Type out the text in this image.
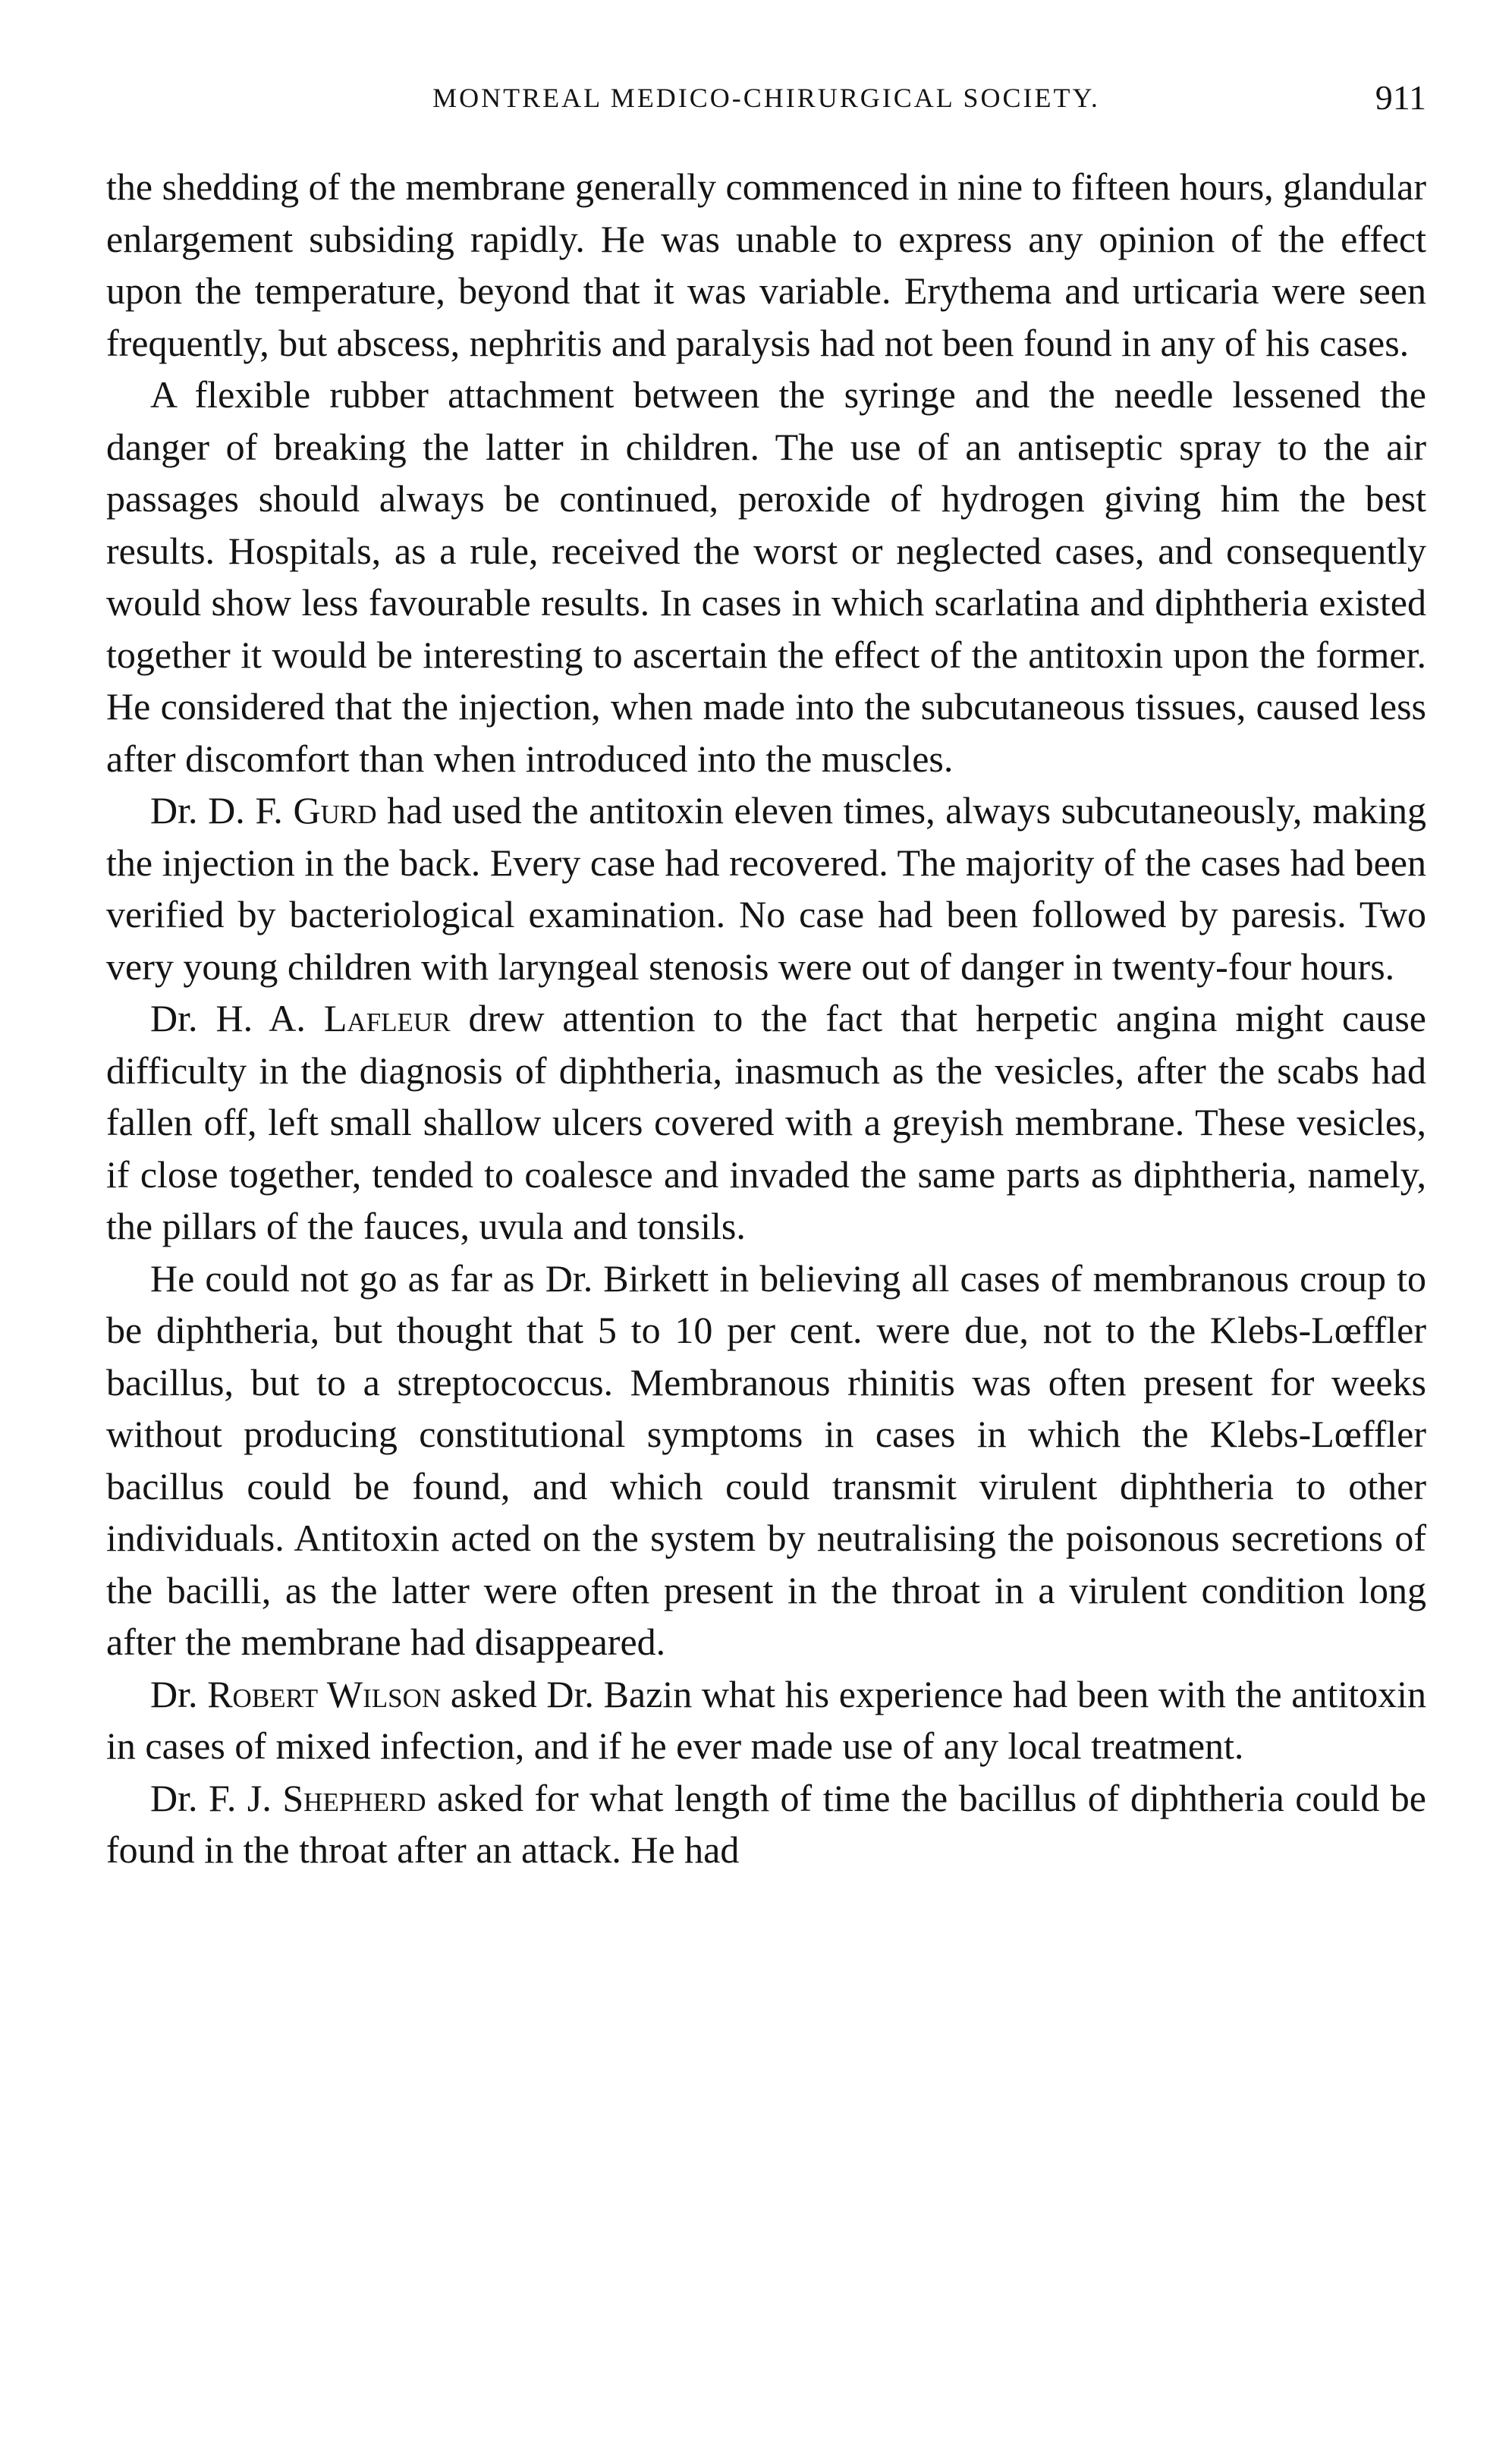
MONTREAL MEDICO-CHIRURGICAL SOCIETY.	911

the shedding of the membrane generally commenced in nine to fifteen hours, glandular enlargement subsiding rapidly. He was unable to express any opinion of the effect upon the temperature, beyond that it was variable. Erythema and urticaria were seen frequently, but abscess, nephritis and paralysis had not been found in any of his cases.

A flexible rubber attachment between the syringe and the needle lessened the danger of breaking the latter in children. The use of an antiseptic spray to the air passages should always be continued, peroxide of hydrogen giving him the best results. Hospitals, as a rule, received the worst or neglected cases, and consequently would show less favourable results. In cases in which scarlatina and diphtheria existed together it would be interesting to ascertain the effect of the antitoxin upon the former. He considered that the injection, when made into the subcutaneous tissues, caused less after discomfort than when introduced into the muscles.

Dr. D. F. Gurd had used the antitoxin eleven times, always subcutaneously, making the injection in the back. Every case had recovered. The majority of the cases had been verified by bacteriological examination. No case had been followed by paresis. Two very young children with laryngeal stenosis were out of danger in twenty-four hours.

Dr. H. A. Lafleur drew attention to the fact that herpetic angina might cause difficulty in the diagnosis of diphtheria, inasmuch as the vesicles, after the scabs had fallen off, left small shallow ulcers covered with a greyish membrane. These vesicles, if close together, tended to coalesce and invaded the same parts as diphtheria, namely, the pillars of the fauces, uvula and tonsils.

He could not go as far as Dr. Birkett in believing all cases of membranous croup to be diphtheria, but thought that 5 to 10 per cent. were due, not to the Klebs-Lœffler bacillus, but to a streptococcus. Membranous rhinitis was often present for weeks without producing constitutional symptoms in cases in which the Klebs-Lœffler bacillus could be found, and which could transmit virulent diphtheria to other individuals. Antitoxin acted on the system by neutralising the poisonous secretions of the bacilli, as the latter were often present in the throat in a virulent condition long after the membrane had disappeared.

Dr. Robert Wilson asked Dr. Bazin what his experience had been with the antitoxin in cases of mixed infection, and if he ever made use of any local treatment.

Dr. F. J. Shepherd asked for what length of time the bacillus of diphtheria could be found in the throat after an attack. He had
